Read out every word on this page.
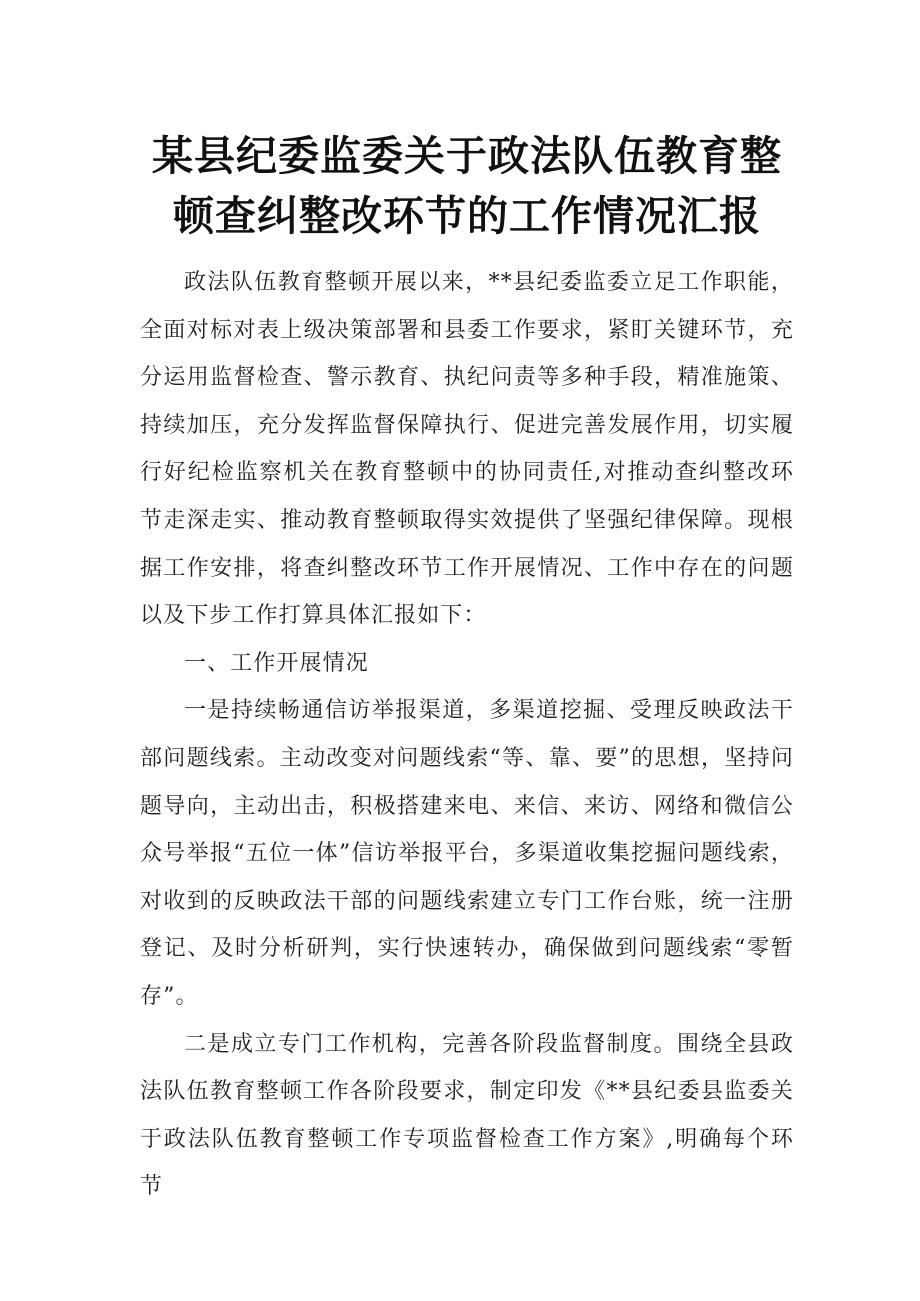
某县纪委监委关于政法队伍教育整
顿查纠整改环节的工作情况汇报

政法队伍教育整顿开展以来，**县纪委监委立足工作职能，全面对标对表上级决策部署和县委工作要求，紧盯关键环节，充分运用监督检查、警示教育、执纪问责等多种手段，精准施策、持续加压，充分发挥监督保障执行、促进完善发展作用，切实履行好纪检监察机关在教育整顿中的协同责任,对推动查纠整改环节走深走实、推动教育整顿取得实效提供了坚强纪律保障。现根据工作安排，将查纠整改环节工作开展情况、工作中存在的问题以及下步工作打算具体汇报如下：

一、工作开展情况

一是持续畅通信访举报渠道，多渠道挖掘、受理反映政法干部问题线索。主动改变对问题线索“等、靠、要”的思想，坚持问题导向，主动出击，积极搭建来电、来信、来访、网络和微信公众号举报“五位一体”信访举报平台，多渠道收集挖掘问题线索，对收到的反映政法干部的问题线索建立专门工作台账，统一注册登记、及时分析研判，实行快速转办，确保做到问题线索“零暂存”。

二是成立专门工作机构，完善各阶段监督制度。围绕全县政法队伍教育整顿工作各阶段要求，制定印发《**县纪委县监委关于政法队伍教育整顿工作专项监督检查工作方案》,明确每个环节
